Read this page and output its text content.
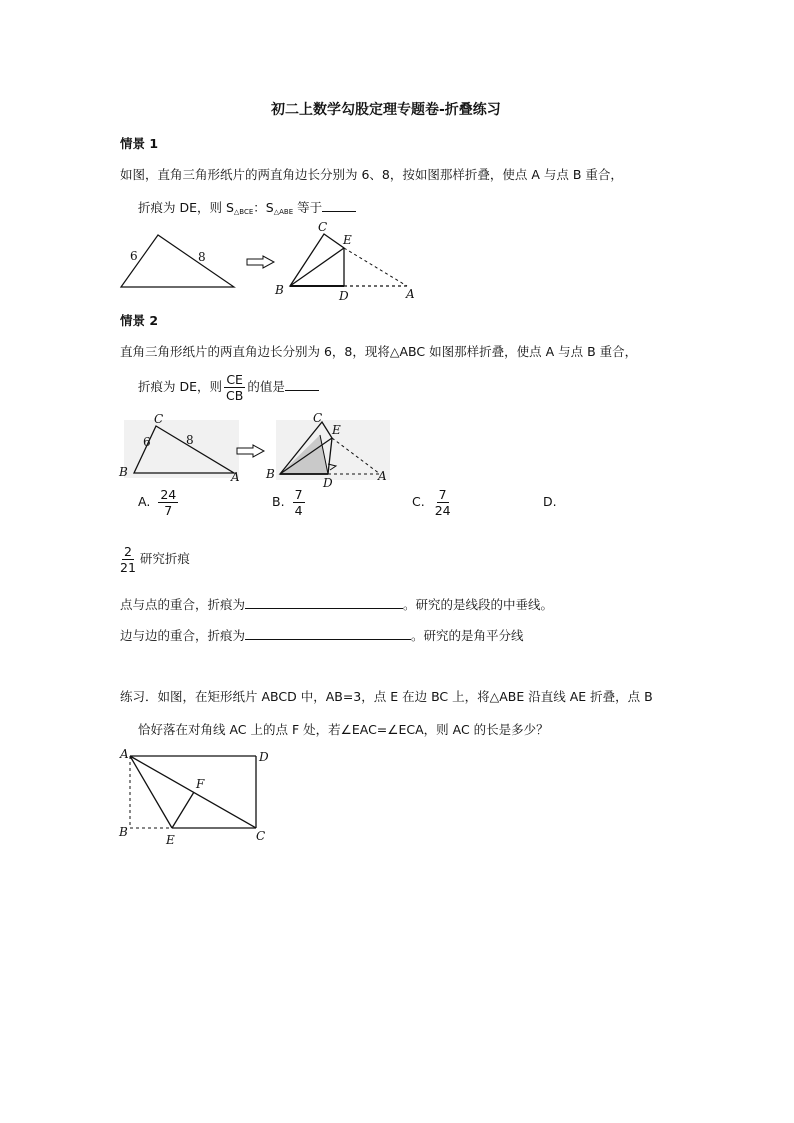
初二上数学勾股定理专题卷-折叠练习
情景 1
如图，直角三角形纸片的两直角边长分别为 6、8，按如图那样折叠，使点 A 与点 B 重合，
折痕为 DE，则 $S_{\triangle BCE}$：$S_{\triangle ABE}$ 等于
6	8
C
E
B	D	A
情景 2
直角三角形纸片的两直角边长分别为 6，8，现将△ABC 如图那样折叠，使点 A 与点 B 重合，
折痕为 DE，则 $\frac{CE}{CB}$ 的值是
C
6	8
B	A
C
E
B
D	A
A. $\frac{24}{7}$	B. $\frac{7}{4}$	C. $\frac{7}{24}$	D.
$\frac{2}{21}$ 研究折痕
点与点的重合，折痕为	。研究的是线段的中垂线。
边与边的重合，折痕为	。研究的是角平分线
练习．如图，在矩形纸片 ABCD 中，AB=3，点 E 在边 BC 上，将△ABE 沿直线 AE 折叠，点 B
恰好落在对角线 AC 上的点 F 处，若∠EAC=∠ECA，则 AC 的长是多少？
A	D
F
B
E	C
